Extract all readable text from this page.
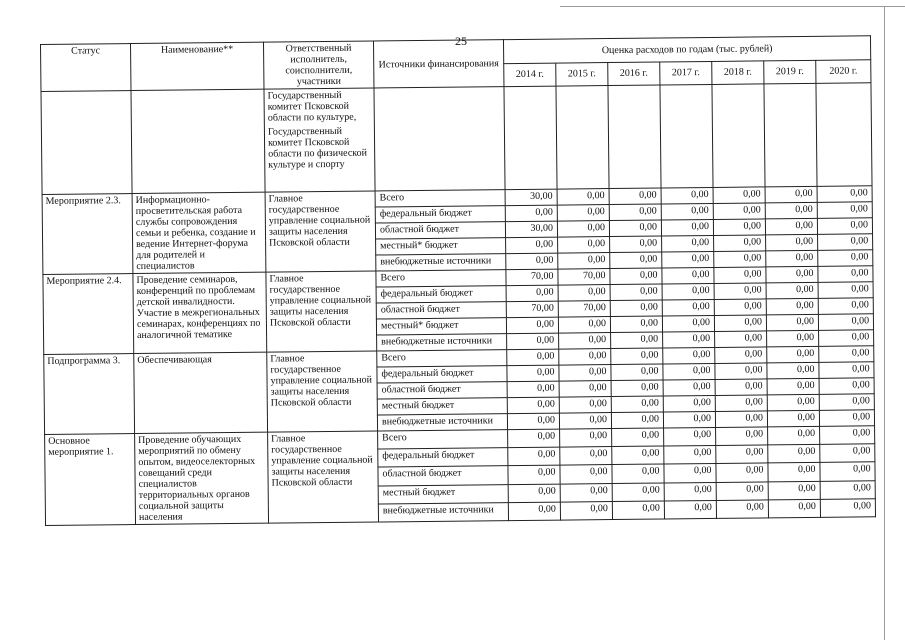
25
Статус	Наименование**	Ответственный исполнитель, соисполнители, участники	Источники финансирования	Оценка расходов по годам (тыс. рублей)						
				2014 г.	2015 г.	2016 г.	2017 г.	2018 г.	2019 г.	2020 г.

		Государственный комитет Псковской области по культуре,
Государственный комитет Псковской области по физической культуре и спорту								

Мероприятие 2.3.	Информационно-просветительская работа службы сопровождения семьи и ребенка, создание и ведение Интернет-форума для родителей и специалистов	Главное государственное управление социальной защиты населения Псковской области	Всего	30,00	0,00	0,00	0,00	0,00	0,00	0,00
			федеральный бюджет	0,00	0,00	0,00	0,00	0,00	0,00	0,00
			областной бюджет	30,00	0,00	0,00	0,00	0,00	0,00	0,00
			местный* бюджет	0,00	0,00	0,00	0,00	0,00	0,00	0,00
			внебюджетные источники	0,00	0,00	0,00	0,00	0,00	0,00	0,00
Мероприятие 2.4.	Проведение семинаров, конференций по проблемам детской инвалидности. Участие в межрегиональных семинарах, конференциях по аналогичной тематике	Главное государственное управление социальной защиты населения Псковской области	Всего	70,00	70,00	0,00	0,00	0,00	0,00	0,00
			федеральный бюджет	0,00	0,00	0,00	0,00	0,00	0,00	0,00
			областной бюджет	70,00	70,00	0,00	0,00	0,00	0,00	0,00
			местный* бюджет	0,00	0,00	0,00	0,00	0,00	0,00	0,00
			внебюджетные источники	0,00	0,00	0,00	0,00	0,00	0,00	0,00
Подпрограмма 3.	Обеспечивающая	Главное государственное управление социальной защиты населения Псковской области	Всего	0,00	0,00	0,00	0,00	0,00	0,00	0,00
			федеральный бюджет	0,00	0,00	0,00	0,00	0,00	0,00	0,00
			областной бюджет	0,00	0,00	0,00	0,00	0,00	0,00	0,00
			местный бюджет	0,00	0,00	0,00	0,00	0,00	0,00	0,00
			внебюджетные источники	0,00	0,00	0,00	0,00	0,00	0,00	0,00
Основное мероприятие 1.	Проведение обучающих мероприятий по обмену опытом, видеоселекторных совещаний среди специалистов территориальных органов социальной защиты населения	Главное государственное управление социальной защиты населения Псковской области	Всего	0,00	0,00	0,00	0,00	0,00	0,00	0,00
			федеральный бюджет	0,00	0,00	0,00	0,00	0,00	0,00	0,00
			областной бюджет	0,00	0,00	0,00	0,00	0,00	0,00	0,00
			местный бюджет	0,00	0,00	0,00	0,00	0,00	0,00	0,00
			внебюджетные источники	0,00	0,00	0,00	0,00	0,00	0,00	0,00
